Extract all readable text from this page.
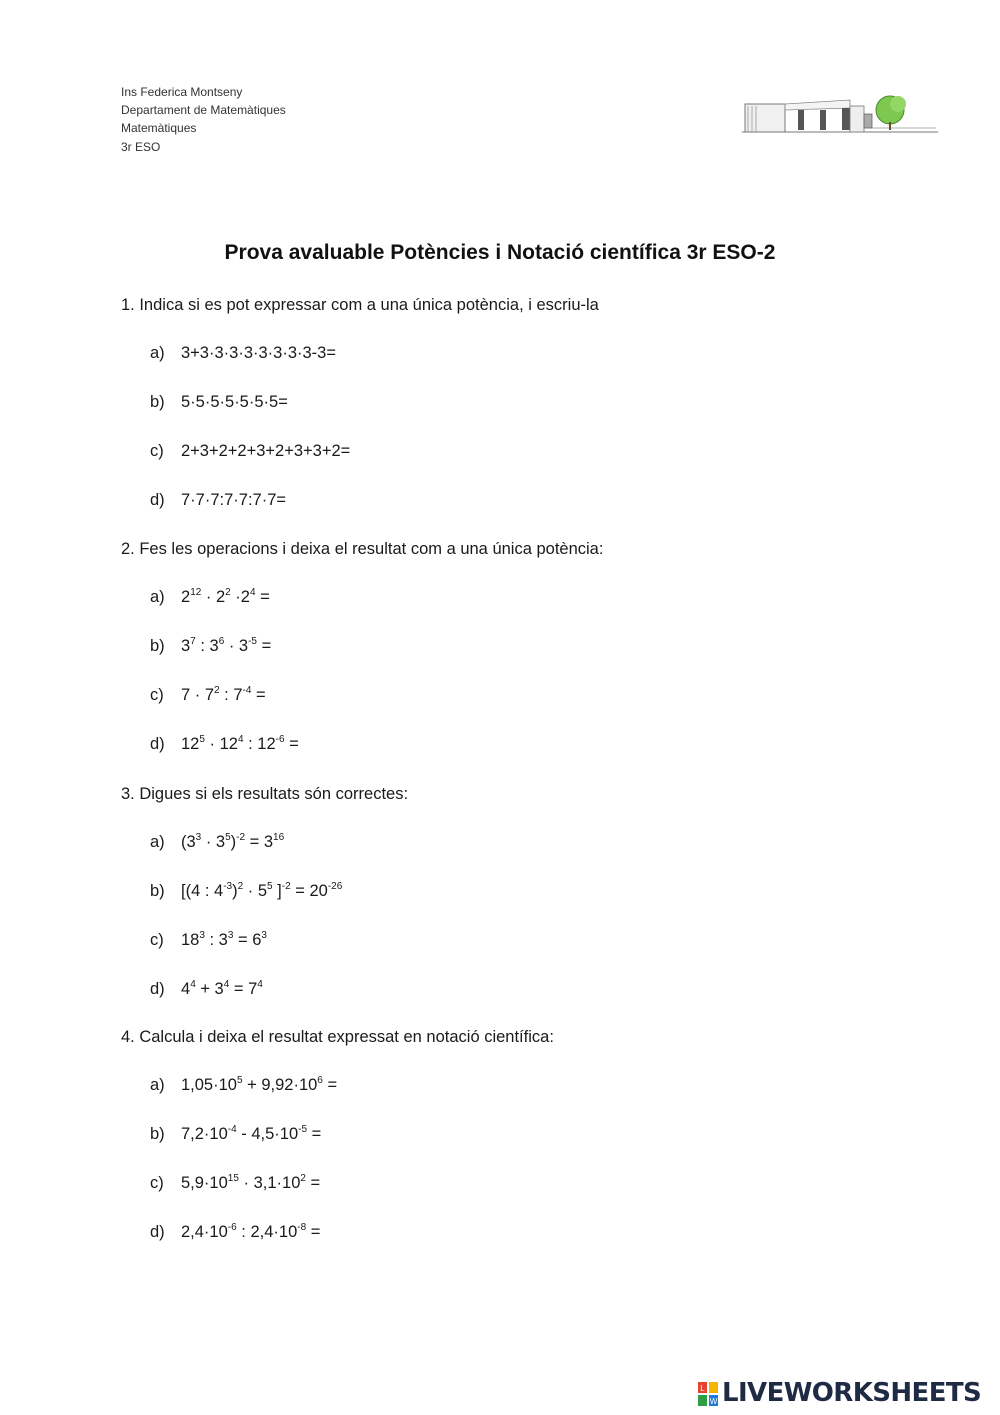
Ins Federica Montseny
Departament de Matemàtiques
Matemàtiques
3r ESO
Prova avaluable Potències i Notació científica 3r ESO-2
1. Indica si es pot expressar com a una única potència, i escriu-la
a) 3+3·3·3·3·3·3·3·3-3=
b) 5·5·5·5·5·5·5=
c) 2+3+2+2+3+2+3+3+2=
d) 7·7·7:7·7:7·7=
2. Fes les operacions i deixa el resultat com a una única potència:
a) $2^{12} \cdot 2^2 \cdot 2^4$ =
b) $3^7$ : $3^6 \cdot 3^{-5}$ =
c) $7 \cdot 7^2$ : $7^{-4}$ =
d) $12^5 \cdot 12^4$ : $12^{-6}$ =
3. Digues si els resultats són correctes:
a) $(3^3 \cdot 3^5)^{-2} = 3^{16}$
b) [(4 : $4^{-3})^2 \cdot 5^5$ ]$^{-2} = 20^{-26}$
c) $18^3$ : $3^3 = 6^3$
d) $4^4 + 3^4 = 7^4$
4. Calcula i deixa el resultat expressat en notació científica:
a) $1,05\cdot 10^5 + 9,92\cdot 10^6$ =
b) $7,2\cdot 10^{-4} - 4,5\cdot 10^{-5}$ =
c) $5,9\cdot 10^{15} \cdot 3,1\cdot 10^2$ =
d) $2,4\cdot 10^{-6}$ : $2,4\cdot 10^{-8}$ =
L
W LIVEWORKSHEETS
